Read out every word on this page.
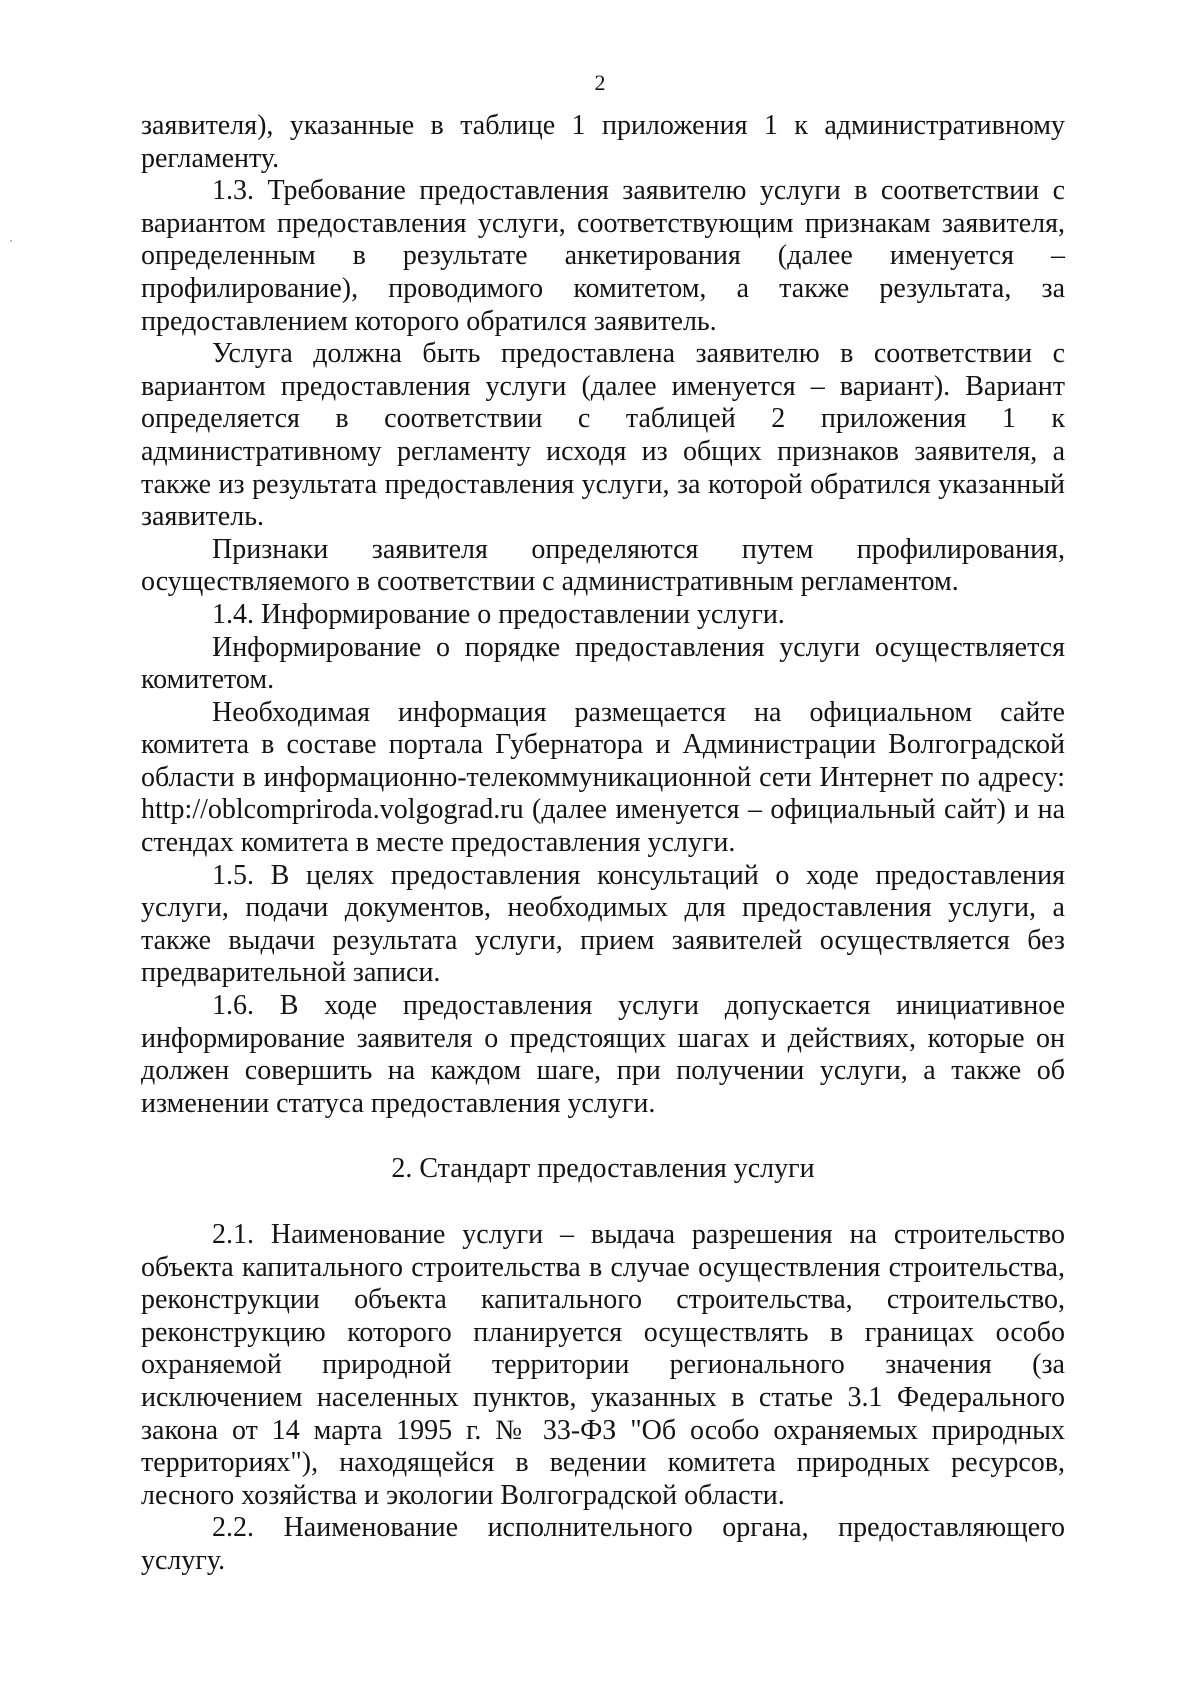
2

заявителя), указанные в таблице 1 приложения 1 к административному регламенту.

1.3. Требование предоставления заявителю услуги в соответствии с вариантом предоставления услуги, соответствующим признакам заявителя, определенным в результате анкетирования (далее именуется – профилирование), проводимого комитетом, а также результата, за предоставлением которого обратился заявитель.

Услуга должна быть предоставлена заявителю в соответствии с вариантом предоставления услуги (далее именуется – вариант). Вариант определяется в соответствии с таблицей 2 приложения 1 к административному регламенту исходя из общих признаков заявителя, а также из результата предоставления услуги, за которой обратился указанный заявитель.

Признаки заявителя определяются путем профилирования, осуществляемого в соответствии с административным регламентом.

1.4. Информирование о предоставлении услуги.

Информирование о порядке предоставления услуги осуществляется комитетом.

Необходимая информация размещается на официальном сайте комитета в составе портала Губернатора и Администрации Волгоградской области в информационно-телекоммуникационной сети Интернет по адресу: http://oblcompriroda.volgograd.ru (далее именуется – официальный сайт) и на стендах комитета в месте предоставления услуги.

1.5. В целях предоставления консультаций о ходе предоставления услуги, подачи документов, необходимых для предоставления услуги, а также выдачи результата услуги, прием заявителей осуществляется без предварительной записи.

1.6. В ходе предоставления услуги допускается инициативное информирование заявителя о предстоящих шагах и действиях, которые он должен совершить на каждом шаге, при получении услуги, а также об изменении статуса предоставления услуги.

2. Стандарт предоставления услуги

2.1. Наименование услуги – выдача разрешения на строительство объекта капитального строительства в случае осуществления строительства, реконструкции объекта капитального строительства, строительство, реконструкцию которого планируется осуществлять в границах особо охраняемой природной территории регионального значения (за исключением населенных пунктов, указанных в статье 3.1 Федерального закона от 14 марта 1995 г. № 33-ФЗ "Об особо охраняемых природных территориях"), находящейся в ведении комитета природных ресурсов, лесного хозяйства и экологии Волгоградской области.

2.2. Наименование исполнительного органа, предоставляющего услугу.
